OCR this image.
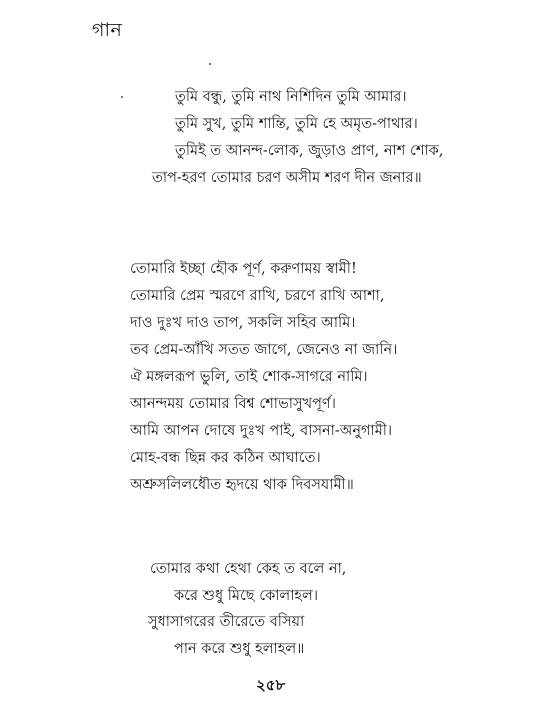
গান
তুমি বন্ধু, তুমি নাথ নিশিদিন তুমি আমার।
তুমি সুখ, তুমি শান্তি, তুমি হে অমৃত-পাথার।
তুমিই ত আনন্দ-লোক, জুড়াও প্রাণ, নাশ শোক,
তাপ-হরণ তোমার চরণ অসীম শরণ দীন জনার॥
তোমারি ইচ্ছা হৌক পূর্ণ, করুণাময় স্বামী!
তোমারি প্রেম স্মরণে রাখি, চরণে রাখি আশা,
দাও দুঃখ দাও তাপ, সকলি সহিব আমি।
তব প্রেম-আঁখি সতত জাগে, জেনেও না জানি।
ঐ মঙ্গলরূপ ভুলি, তাই শোক-সাগরে নামি।
আনন্দময় তোমার বিশ্ব শোভাসুখপূর্ণ।
আমি আপন দোষে দুঃখ পাই, বাসনা-অনুগামী।
মোহ-বন্ধ ছিন্ন কর কঠিন আঘাতে।
অশ্রুসলিলধৌত হৃদয়ে থাক দিবসযামী॥
তোমার কথা হেথা কেহ ত বলে না,
করে শুধু মিছে কোলাহল।
সুধাসাগরের তীরেতে বসিয়া
পান করে শুধু হলাহল॥
২৫৮
